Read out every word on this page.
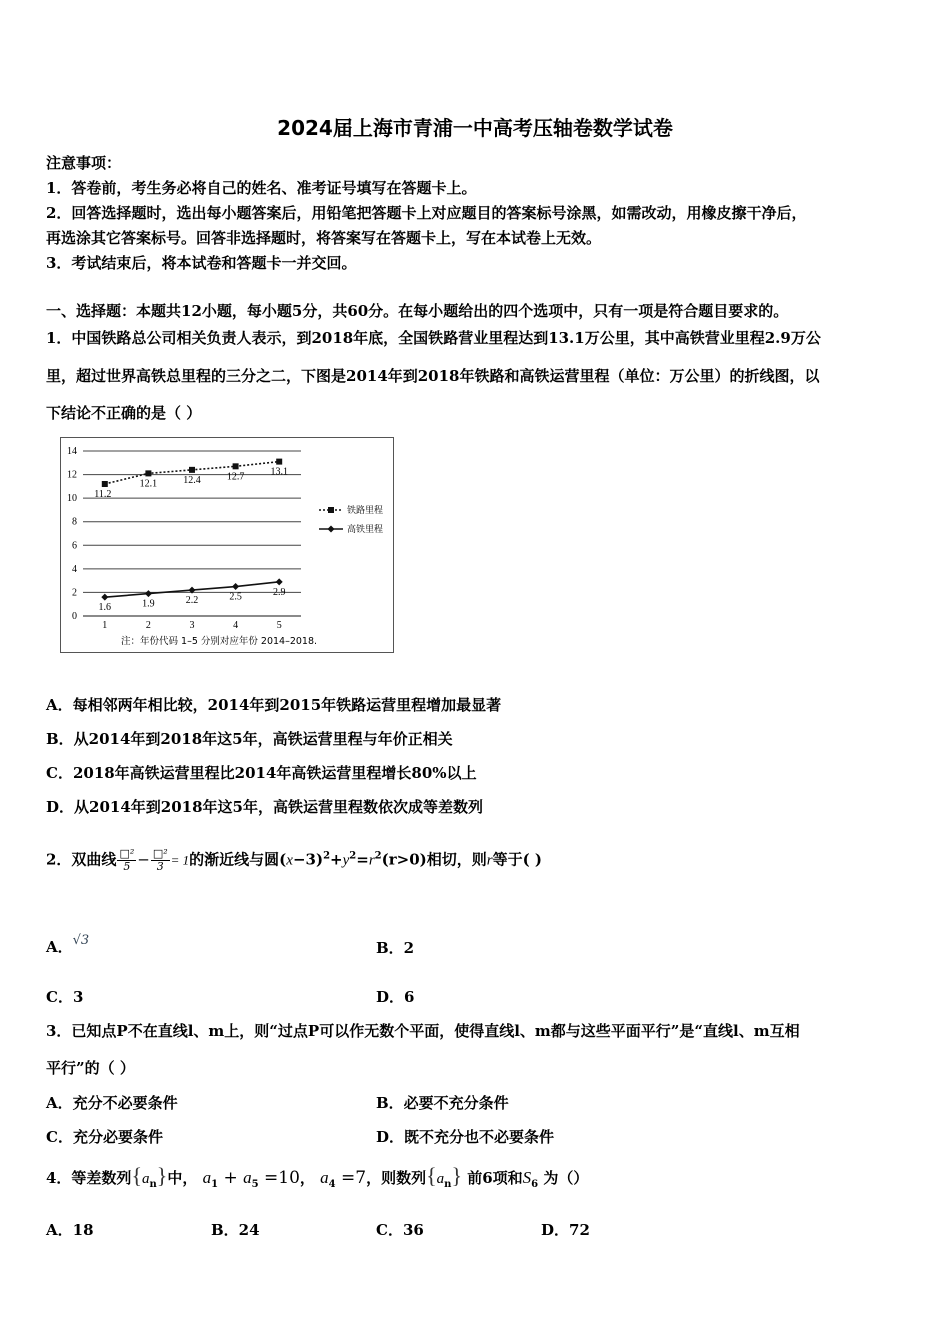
2024届上海市青浦一中高考压轴卷数学试卷
注意事项：
1．答卷前，考生务必将自己的姓名、准考证号填写在答题卡上。
2．回答选择题时，选出每小题答案后，用铅笔把答题卡上对应题目的答案标号涂黑，如需改动，用橡皮擦干净后，
再选涂其它答案标号。回答非选择题时，将答案写在答题卡上，写在本试卷上无效。
3．考试结束后，将本试卷和答题卡一并交回。
一、选择题：本题共12小题，每小题5分，共60分。在每小题给出的四个选项中，只有一项是符合题目要求的。
1．中国铁路总公司相关负责人表示，到2018年底，全国铁路营业里程达到13.1万公里，其中高铁营业里程2.9万公
里，超过世界高铁总里程的三分之二，下图是2014年到2018年铁路和高铁运营里程（单位：万公里）的折线图，以
下结论不正确的是（ ）
0
2
4
6
8
10
12
14
1	2	3	4	5
11.2
12.1	12.4	12.7	13.1
1.6	1.9	2.2	2.5	2.9
铁路里程
高铁里程
注：年份代码 1–5 分别对应年份 2014–2018.
A．每相邻两年相比较，2014年到2015年铁路运营里程增加最显著
B．从2014年到2018年这5年，高铁运营里程与年价正相关
C．2018年高铁运营里程比2014年高铁运营里程增长80%以上
D．从2014年到2018年这5年，高铁运营里程数依次成等差数列
2．双曲线 $\frac{\text{□²}}{5} - \frac{\text{□²}}{3} = 1$的渐近线与圆$(x-3)^2+y^2=r^2(r>0)$相切，则r等于( )
A．√3	B．2
C．3	D．6
3．已知点P不在直线l、m上，则“过点P可以作无数个平面，使得直线l、m都与这些平面平行”是“直线l、m互相
平行”的（ ）
A．充分不必要条件	B．必要不充分条件
C．充分必要条件	D．既不充分也不必要条件
4．等差数列$\{a_n\}$中， $a_1 + a_5 =10$， $a_4 =7$，则数列$\{a_n\}$ 前6项和$S_6$ 为（）
A．18	B．24	C．36	D．72
